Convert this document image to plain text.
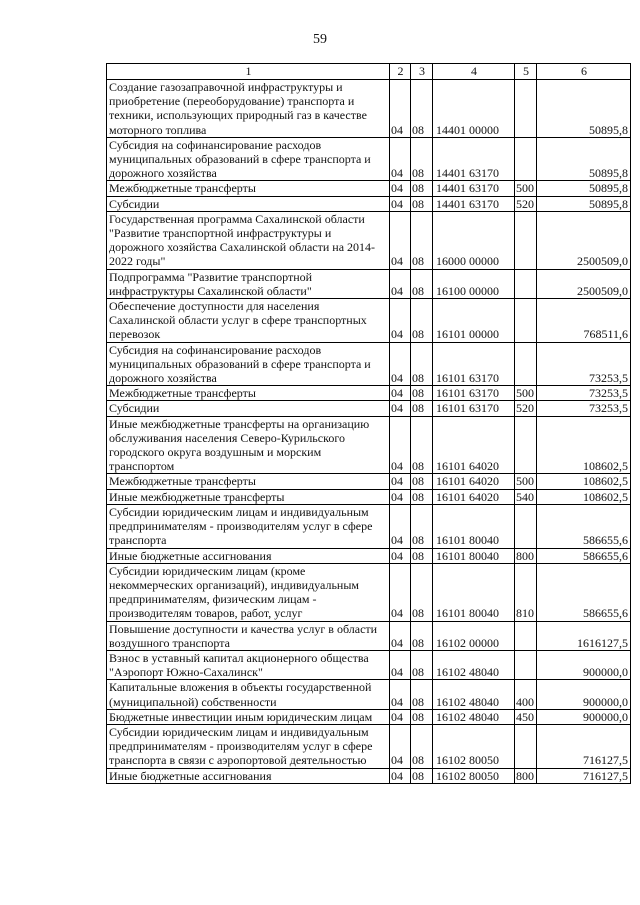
59
1	2	3	4	5	6
Создание газозаправочной инфраструктуры и приобретение (переоборудование) транспорта и техники, использующих природный газ в качестве моторного топлива	04	08	14401 00000		50895,8
Субсидия на софинансирование расходов муниципальных образований в сфере транспорта и дорожного хозяйства	04	08	14401 63170		50895,8
Межбюджетные трансферты	04	08	14401 63170	500	50895,8
Субсидии	04	08	14401 63170	520	50895,8
Государственная программа Сахалинской области "Развитие транспортной инфраструктуры и дорожного хозяйства Сахалинской области на 2014-2022 годы"	04	08	16000 00000		2500509,0
Подпрограмма "Развитие транспортной инфраструктуры Сахалинской области"	04	08	16100 00000		2500509,0
Обеспечение доступности для населения Сахалинской области услуг в сфере транспортных перевозок	04	08	16101 00000		768511,6
Субсидия на софинансирование расходов муниципальных образований в сфере транспорта и дорожного хозяйства	04	08	16101 63170		73253,5
Межбюджетные трансферты	04	08	16101 63170	500	73253,5
Субсидии	04	08	16101 63170	520	73253,5
Иные межбюджетные трансферты на организацию обслуживания населения Северо-Курильского городского округа воздушным и морским транспортом	04	08	16101 64020		108602,5
Межбюджетные трансферты	04	08	16101 64020	500	108602,5
Иные межбюджетные трансферты	04	08	16101 64020	540	108602,5
Субсидии юридическим лицам и индивидуальным предпринимателям - производителям услуг в сфере транспорта	04	08	16101 80040		586655,6
Иные бюджетные ассигнования	04	08	16101 80040	800	586655,6
Субсидии юридическим лицам (кроме некоммерческих организаций), индивидуальным предпринимателям, физическим лицам - производителям товаров, работ, услуг	04	08	16101 80040	810	586655,6
Повышение доступности и качества услуг в области воздушного транспорта	04	08	16102 00000		1616127,5
Взнос в уставный капитал акционерного общества "Аэропорт Южно-Сахалинск"	04	08	16102 48040		900000,0
Капитальные вложения в объекты государственной (муниципальной) собственности	04	08	16102 48040	400	900000,0
Бюджетные инвестиции иным юридическим лицам	04	08	16102 48040	450	900000,0
Субсидии юридическим лицам и индивидуальным предпринимателям - производителям услуг в сфере транспорта в связи с аэропортовой деятельностью	04	08	16102 80050		716127,5
Иные бюджетные ассигнования	04	08	16102 80050	800	716127,5
